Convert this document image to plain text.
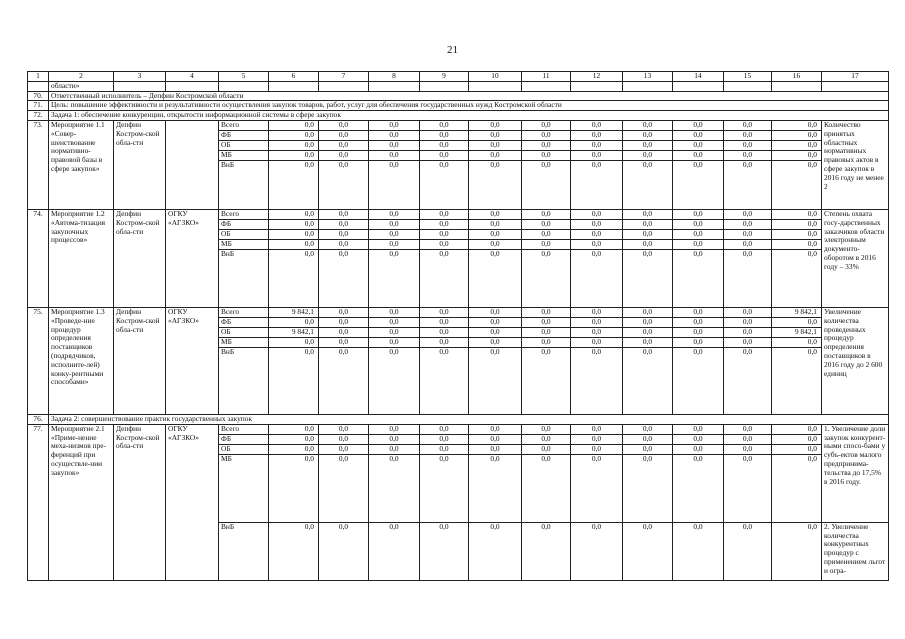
21
1	2	3	4	5	6	7	8	9	10	11	12	13	14	15	16	17
	области»															
70.	Ответственный исполнитель – Депфин Костромской области															
71.	Цель: повышение эффективности и результативности осуществления закупок товаров, работ, услуг для обеспечения государственных нужд Костромской области															
72.	Задача 1: обеспечение конкуренции, открытости информационной системы в сфере закупок															
73.	Мероприятие 1.1 «Совер-шенствование нормативно-правовой базы в сфере закупок»	Депфин Костром-ской обла-сти		Всего	0,0	0,0	0,0	0,0	0,0	0,0	0,0	0,0	0,0	0,0	0,0	Количество принятых областных нормативных правовых актов в сфере закупок в 2016 году не менее 2
				ФБ	0,0	0,0	0,0	0,0	0,0	0,0	0,0	0,0	0,0	0,0	0,0	
				ОБ	0,0	0,0	0,0	0,0	0,0	0,0	0,0	0,0	0,0	0,0	0,0	
				МБ	0,0	0,0	0,0	0,0	0,0	0,0	0,0	0,0	0,0	0,0	0,0	
				ВнБ	0,0	0,0	0,0	0,0	0,0	0,0	0,0	0,0	0,0	0,0	0,0	
74.	Мероприятие 1.2 «Автома-тизация закупочных процессов»	Депфин Костром-ской обла-сти	ОГКУ «АГЗКО»	Всего	0,0	0,0	0,0	0,0	0,0	0,0	0,0	0,0	0,0	0,0	0,0	Степень охвата госу-дарственных заказчиков области электронным документо-оборотом в 2016 году – 33%
				ФБ	0,0	0,0	0,0	0,0	0,0	0,0	0,0	0,0	0,0	0,0	0,0	
				ОБ	0,0	0,0	0,0	0,0	0,0	0,0	0,0	0,0	0,0	0,0	0,0	
				МБ	0,0	0,0	0,0	0,0	0,0	0,0	0,0	0,0	0,0	0,0	0,0	
				ВнБ	0,0	0,0	0,0	0,0	0,0	0,0	0,0	0,0	0,0	0,0	0,0	
75.	Мероприятие 1.3 «Проведе-ние процедур определения поставщиков (подрядчиков, исполните-лей) конку-рентными способами»	Депфин Костром-ской обла-сти	ОГКУ «АГЗКО»	Всего	9 842,1	0,0	0,0	0,0	0,0	0,0	0,0	0,0	0,0	0,0	9 842,1	Увеличение количества проведенных процедур определения поставщиков в 2016 году до 2 600 единиц
				ФБ	0,0	0,0	0,0	0,0	0,0	0,0	0,0	0,0	0,0	0,0	0,0	
				ОБ	9 842,1	0,0	0,0	0,0	0,0	0,0	0,0	0,0	0,0	0,0	9 842,1	
				МБ	0,0	0,0	0,0	0,0	0,0	0,0	0,0	0,0	0,0	0,0	0,0	
				ВнБ	0,0	0,0	0,0	0,0	0,0	0,0	0,0	0,0	0,0	0,0	0,0	
76.	Задача 2: совершенствование практик государственных закупок															
77.	Мероприятие 2.1 «Приме-нение меха-низмов пре-ференций при осуществле-нии закупок»	Депфин Костром-ской обла-сти	ОГКУ «АГЗКО»	Всего	0,0	0,0	0,0	0,0	0,0	0,0	0,0	0,0	0,0	0,0	0,0	1. Увеличение доли закупок конкурент-ными спосо-бами у субъ-ектов малого предпринима-тельства до 17,5% в 2016 году.
				ФБ	0,0	0,0	0,0	0,0	0,0	0,0	0,0	0,0	0,0	0,0	0,0	
				ОБ	0,0	0,0	0,0	0,0	0,0	0,0	0,0	0,0	0,0	0,0	0,0	
				МБ	0,0	0,0	0,0	0,0	0,0	0,0	0,0	0,0	0,0	0,0	0,0	
				ВнБ	0,0	0,0	0,0	0,0	0,0	0,0	0,0	0,0	0,0	0,0	0,0	2. Увеличение количества конкурентных процедур с применением льгот и огра-
